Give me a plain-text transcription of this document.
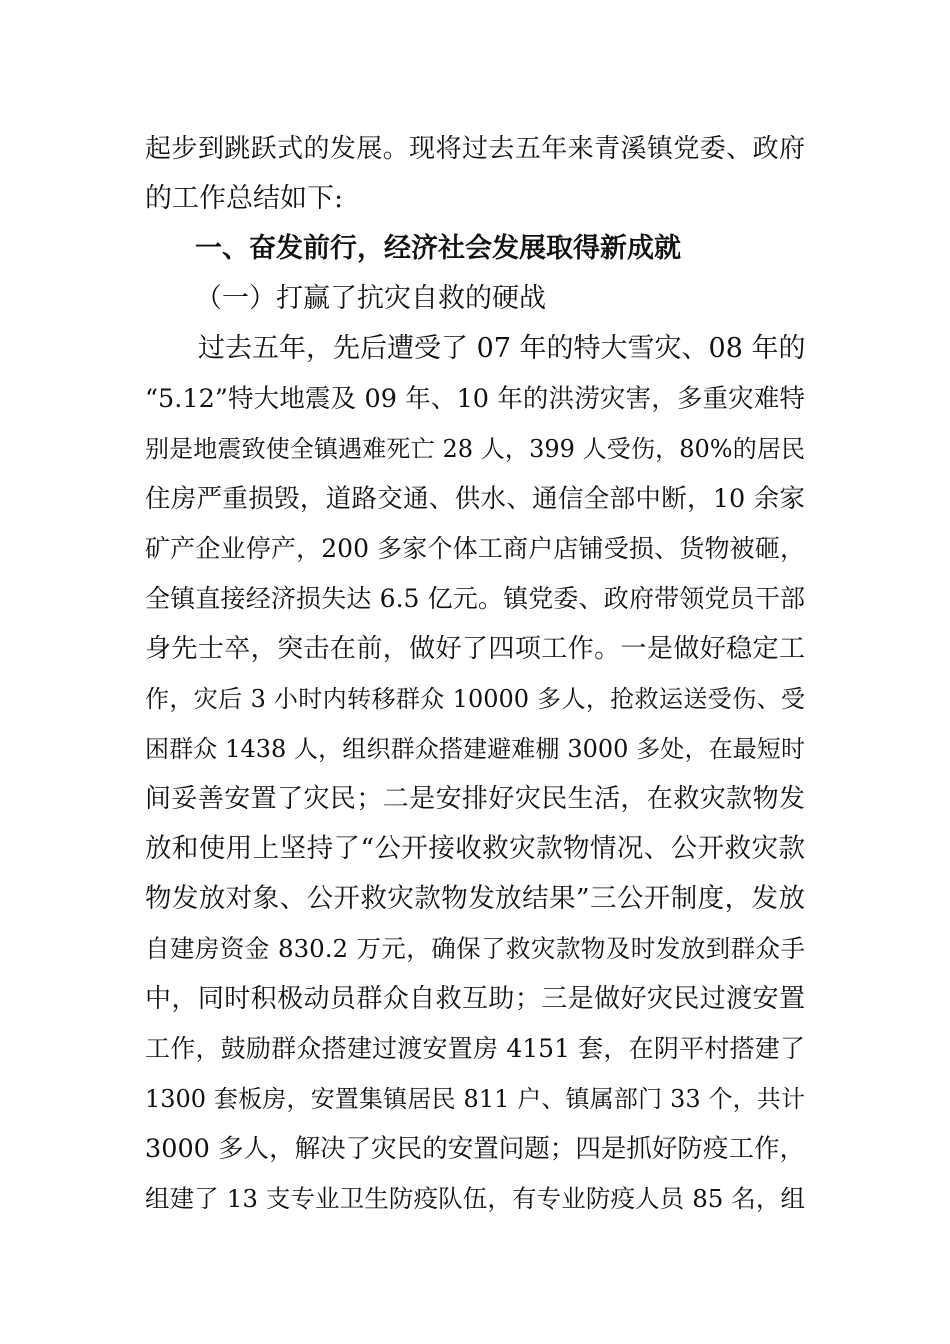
起步到跳跃式的发展。现将过去五年来青溪镇党委、政府
的工作总结如下:
一、奋发前行，经济社会发展取得新成就
（一）打赢了抗灾自救的硬战
过去五年，先后遭受了 07 年的特大雪灾、08 年的
“5.12”特大地震及 09 年、10 年的洪涝灾害，多重灾难特
别是地震致使全镇遇难死亡 28 人，399 人受伤，80%的居民
住房严重损毁，道路交通、供水、通信全部中断，10 余家
矿产企业停产，200 多家个体工商户店铺受损、货物被砸，
全镇直接经济损失达 6.5 亿元。镇党委、政府带领党员干部
身先士卒，突击在前，做好了四项工作。一是做好稳定工
作，灾后 3 小时内转移群众 10000 多人，抢救运送受伤、受
困群众 1438 人，组织群众搭建避难棚 3000 多处，在最短时
间妥善安置了灾民；二是安排好灾民生活，在救灾款物发
放和使用上坚持了“公开接收救灾款物情况、公开救灾款
物发放对象、公开救灾款物发放结果”三公开制度，发放
自建房资金 830.2 万元，确保了救灾款物及时发放到群众手
中，同时积极动员群众自救互助；三是做好灾民过渡安置
工作，鼓励群众搭建过渡安置房 4151 套，在阴平村搭建了
1300 套板房，安置集镇居民 811 户、镇属部门 33 个，共计
3000 多人，解决了灾民的安置问题；四是抓好防疫工作，
组建了 13 支专业卫生防疫队伍，有专业防疫人员 85 名，组
